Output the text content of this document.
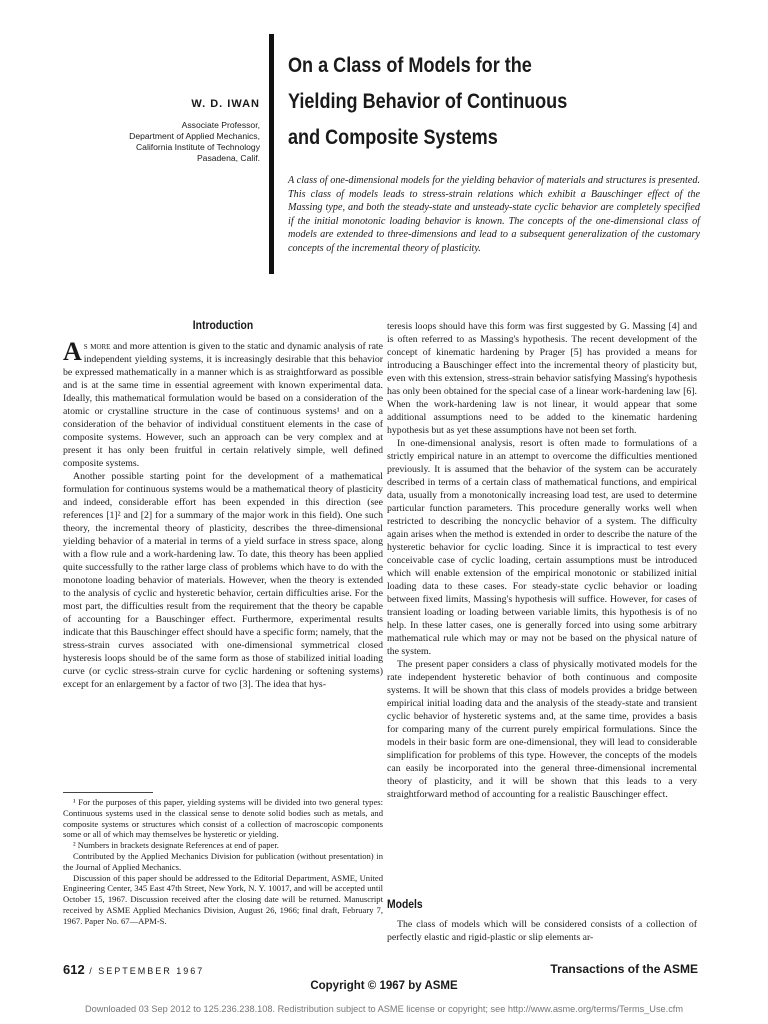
W. D. IWAN
Associate Professor,
Department of Applied Mechanics,
California Institute of Technology
Pasadena, Calif.
On a Class of Models for the
Yielding Behavior of Continuous
and Composite Systems
A class of one-dimensional models for the yielding behavior of materials and structures is presented. This class of models leads to stress-strain relations which exhibit a Bauschinger effect of the Massing type, and both the steady-state and unsteady-state cyclic behavior are completely specified if the initial monotonic loading behavior is known. The concepts of the one-dimensional class of models are extended to three-dimensions and lead to a subsequent generalization of the customary concepts of the incremental theory of plasticity.
Introduction

As more and more attention is given to the static and dynamic analysis of rate independent yielding systems, it is increasingly desirable that this behavior be expressed mathematically in a manner which is as straightforward as possible and is at the same time in essential agreement with known experimental data. Ideally, this mathematical formulation would be based on a consideration of the atomic or crystalline structure in the case of continuous systems¹ and on a consideration of the behavior of individual constituent elements in the case of composite systems. However, such an approach can be very complex and at present it has only been fruitful in certain relatively simple, well defined composite systems.

Another possible starting point for the development of a mathematical formulation for continuous systems would be a mathematical theory of plasticity and indeed, considerable effort has been expended in this direction (see references [1]² and [2] for a summary of the major work in this field). One such theory, the incremental theory of plasticity, describes the three-dimensional yielding behavior of a material in terms of a yield surface in stress space, along with a flow rule and a work-hardening law. To date, this theory has been applied quite successfully to the rather large class of problems which have to do with the monotone loading behavior of materials. However, when the theory is extended to the analysis of cyclic and hysteretic behavior, certain difficulties arise. For the most part, the difficulties result from the requirement that the theory be capable of accounting for a Bauschinger effect. Furthermore, experimental results indicate that this Bauschinger effect should have a specific form; namely, that the stress-strain curves associated with one-dimensional symmetrical closed hysteresis loops should be of the same form as those of stabilized initial loading curve (or cyclic stress-strain curve for cyclic hardening or softening systems) except for an enlargement by a factor of two [3]. The idea that hys-

¹ For the purposes of this paper, yielding systems will be divided into two general types: Continuous systems used in the classical sense to denote solid bodies such as metals, and composite systems or structures which consist of a collection of macroscopic components some or all of which may themselves be hysteretic or yielding.

² Numbers in brackets designate References at end of paper.

Contributed by the Applied Mechanics Division for publication (without presentation) in the Journal of Applied Mechanics.

Discussion of this paper should be addressed to the Editorial Department, ASME, United Engineering Center, 345 East 47th Street, New York, N. Y. 10017, and will be accepted until October 15, 1967. Discussion received after the closing date will be returned. Manuscript received by ASME Applied Mechanics Division, August 26, 1966; final draft, February 7, 1967. Paper No. 67—APM-S.

teresis loops should have this form was first suggested by G. Massing [4] and is often referred to as Massing's hypothesis. The recent development of the concept of kinematic hardening by Prager [5] has provided a means for introducing a Bauschinger effect into the incremental theory of plasticity but, even with this extension, stress-strain behavior satisfying Massing's hypothesis has only been obtained for the special case of a linear work-hardening law [6]. When the work-hardening law is not linear, it would appear that some additional assumptions need to be added to the kinematic hardening hypothesis but as yet these assumptions have not been set forth.

In one-dimensional analysis, resort is often made to formulations of a strictly empirical nature in an attempt to overcome the difficulties mentioned previously. It is assumed that the behavior of the system can be accurately described in terms of a certain class of mathematical functions, and empirical data, usually from a monotonically increasing load test, are used to determine particular function parameters. This procedure generally works well when restricted to describing the noncyclic behavior of a system. The difficulty again arises when the method is extended in order to describe the nature of the hysteretic behavior for cyclic loading. Since it is impractical to test every conceivable case of cyclic loading, certain assumptions must be introduced which will enable extension of the empirical monotonic or stabilized initial loading data to these cases. For steady-state cyclic behavior or loading between fixed limits, Massing's hypothesis will suffice. However, for cases of transient loading or loading between variable limits, this hypothesis is of no help. In these latter cases, one is generally forced into using some arbitrary mathematical rule which may or may not be based on the physical nature of the system.

The present paper considers a class of physically motivated models for the rate independent hysteretic behavior of both continuous and composite systems. It will be shown that this class of models provides a bridge between empirical initial loading data and the analysis of the steady-state and transient cyclic behavior of hysteretic systems and, at the same time, provides a basis for comparing many of the current purely empirical formulations. Since the models in their basic form are one-dimensional, they will lead to considerable simplification for problems of this type. However, the concepts of the models can easily be incorporated into the general three-dimensional incremental theory of plasticity, and it will be shown that this leads to a very straightforward method of accounting for a realistic Bauschinger effect.

Models

The class of models which will be considered consists of a collection of perfectly elastic and rigid-plastic or slip elements ar-

612 / SEPTEMBER 1967	Transactions of the ASME
Copyright © 1967 by ASME
Downloaded 03 Sep 2012 to 125.236.238.108. Redistribution subject to ASME license or copyright; see http://www.asme.org/terms/Terms_Use.cfm
